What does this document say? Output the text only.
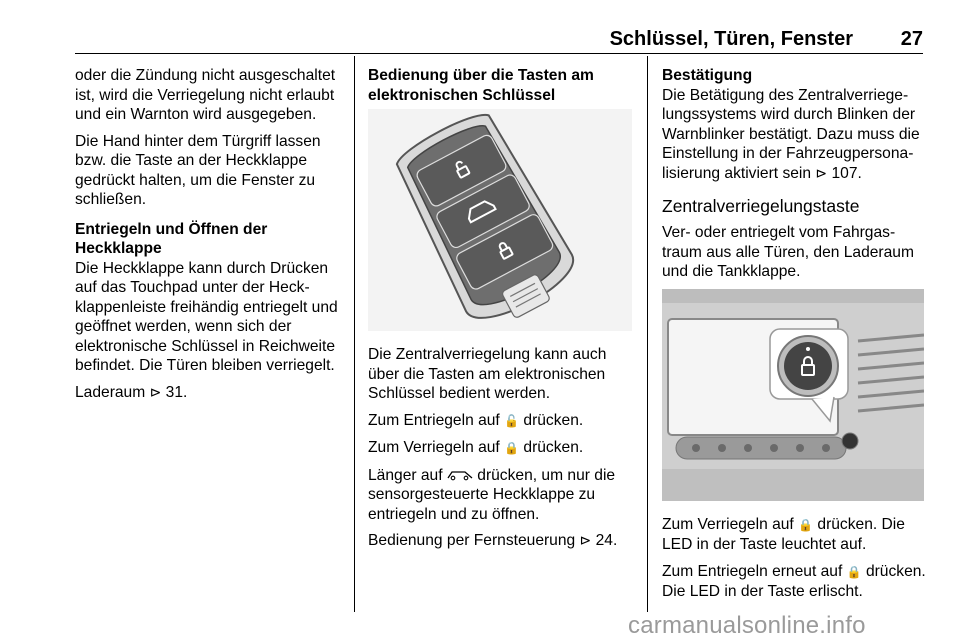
Schlüssel, Türen, Fenster 27

oder die Zündung nicht ausgeschaltet ist, wird die Verriegelung nicht erlaubt und ein Warnton wird ausgegeben.

Die Hand hinter dem Türgriff lassen bzw. die Taste an der Heckklappe gedrückt halten, um die Fenster zu schließen.

Entriegeln und Öffnen der Heckklappe

Die Heckklappe kann durch Drücken auf das Touchpad unter der Heckklappenleiste freihändig entriegelt und geöffnet werden, wenn sich der elektronische Schlüssel in Reichweite befindet. Die Türen bleiben verriegelt.

Laderaum ⊳ 31.

Bedienung über die Tasten am elektronischen Schlüssel

Die Zentralverriegelung kann auch über die Tasten am elektronischen Schlüssel bedient werden.

Zum Entriegeln auf 🔓 drücken.

Zum Verriegeln auf 🔒 drücken.

Länger auf drücken, um nur die sensorgesteuerte Heckklappe zu entriegeln und zu öffnen.

Bedienung per Fernsteuerung ⊳ 24.

Bestätigung

Die Betätigung des Zentralverriegelungssystems wird durch Blinken der Warnblinker bestätigt. Dazu muss die Einstellung in der Fahrzeugpersonalisierung aktiviert sein ⊳ 107.

Zentralverriegelungstaste

Ver- oder entriegelt vom Fahrgastraum aus alle Türen, den Laderaum und die Tankklappe.

Zum Verriegeln auf 🔒 drücken. Die LED in der Taste leuchtet auf.

Zum Entriegeln erneut auf 🔒 drücken. Die LED in der Taste erlischt.

carmanualsonline.info
